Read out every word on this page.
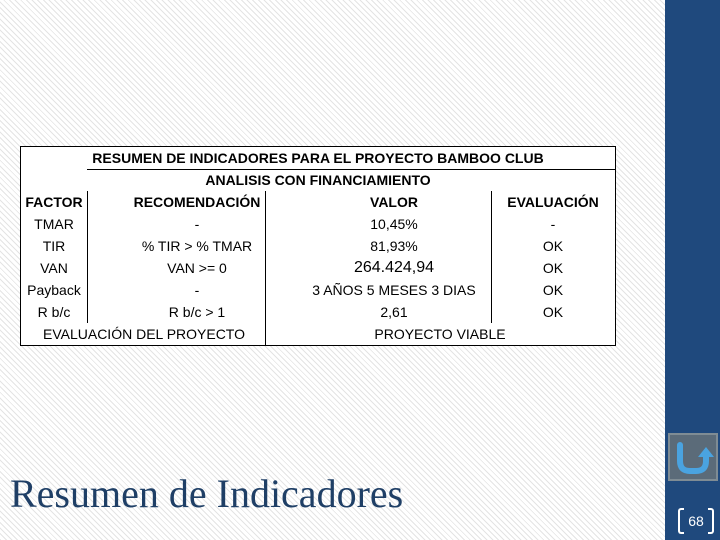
RESUMEN DE INDICADORES PARA EL PROYECTO BAMBOO CLUB
ANALISIS CON FINANCIAMIENTO
FACTOR	RECOMENDACIÓN	VALOR	EVALUACIÓN
TMAR	-	10,45%	-
TIR	% TIR > % TMAR	81,93%	OK
VAN	VAN >= 0	264.424,94	OK
Payback	-	3 AÑOS 5 MESES 3 DIAS	OK
R b/c	R b/c > 1	2,61	OK
EVALUACIÓN DEL PROYECTO	PROYECTO VIABLE
Resumen de Indicadores
68
